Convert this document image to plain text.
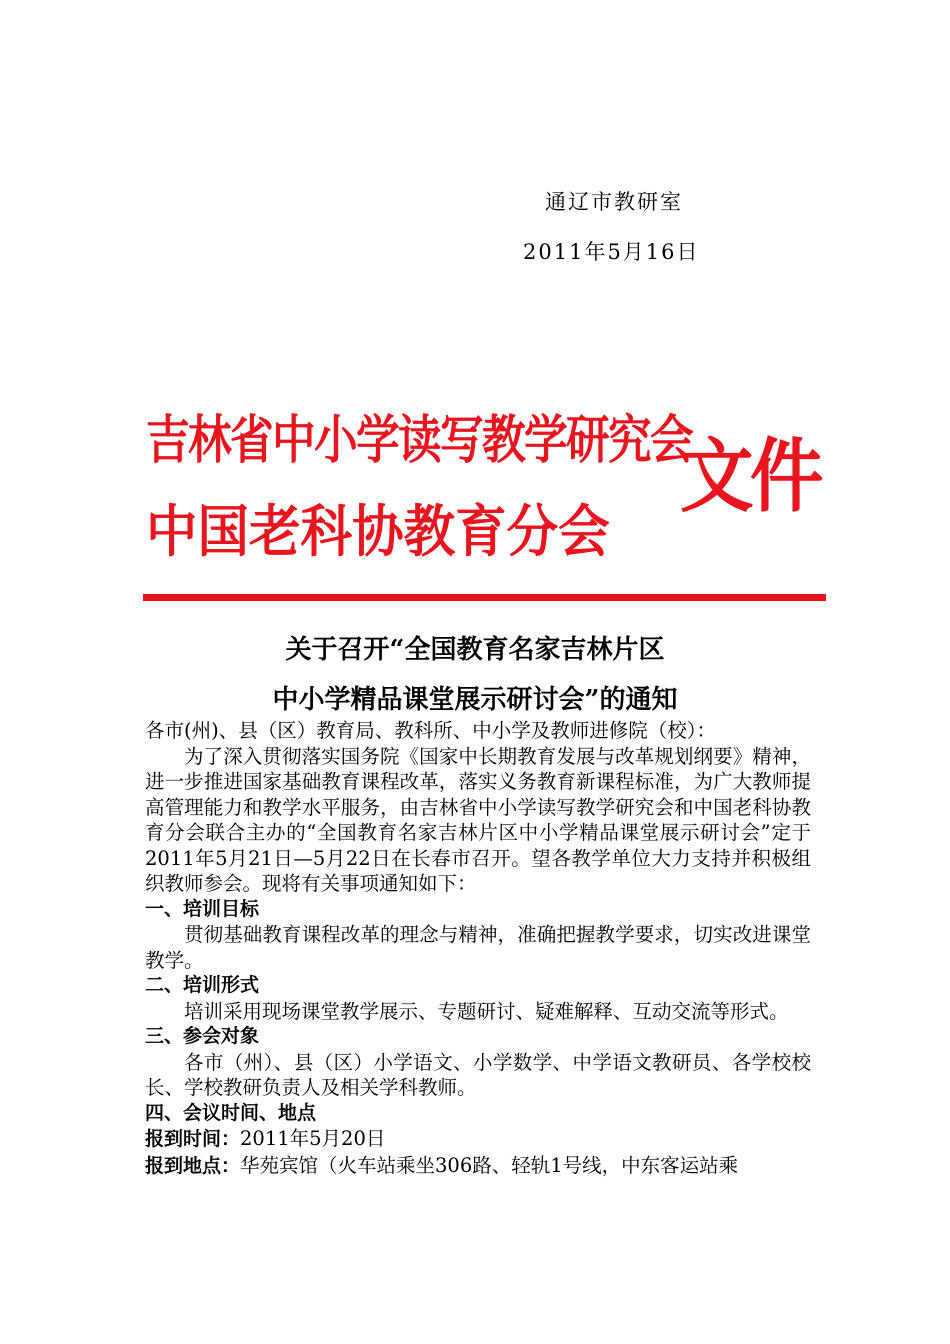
通辽市教研室
2011年5月16日
吉林省中小学读写教学研究会
中国老科协教育分会
文件
关于召开“全国教育名家吉林片区
中小学精品课堂展示研讨会”的通知

各市(州)、县（区）教育局、教科所、中小学及教师进修院（校）：

为了深入贯彻落实国务院《国家中长期教育发展与改革规划纲要》精神，进一步推进国家基础教育课程改革，落实义务教育新课程标准，为广大教师提高管理能力和教学水平服务，由吉林省中小学读写教学研究会和中国老科协教育分会联合主办的“全国教育名家吉林片区中小学精品课堂展示研讨会”定于2011年5月21日—5月22日在长春市召开。望各教学单位大力支持并积极组织教师参会。现将有关事项通知如下：

一、培训目标

贯彻基础教育课程改革的理念与精神，准确把握教学要求，切实改进课堂教学。

二、培训形式

培训采用现场课堂教学展示、专题研讨、疑难解释、互动交流等形式。

三、参会对象

各市（州）、县（区）小学语文、小学数学、中学语文教研员、各学校校长、学校教研负责人及相关学科教师。

四、会议时间、地点

报到时间：2011年5月20日

报到地点：华苑宾馆（火车站乘坐306路、轻轨1号线，中东客运站乘
